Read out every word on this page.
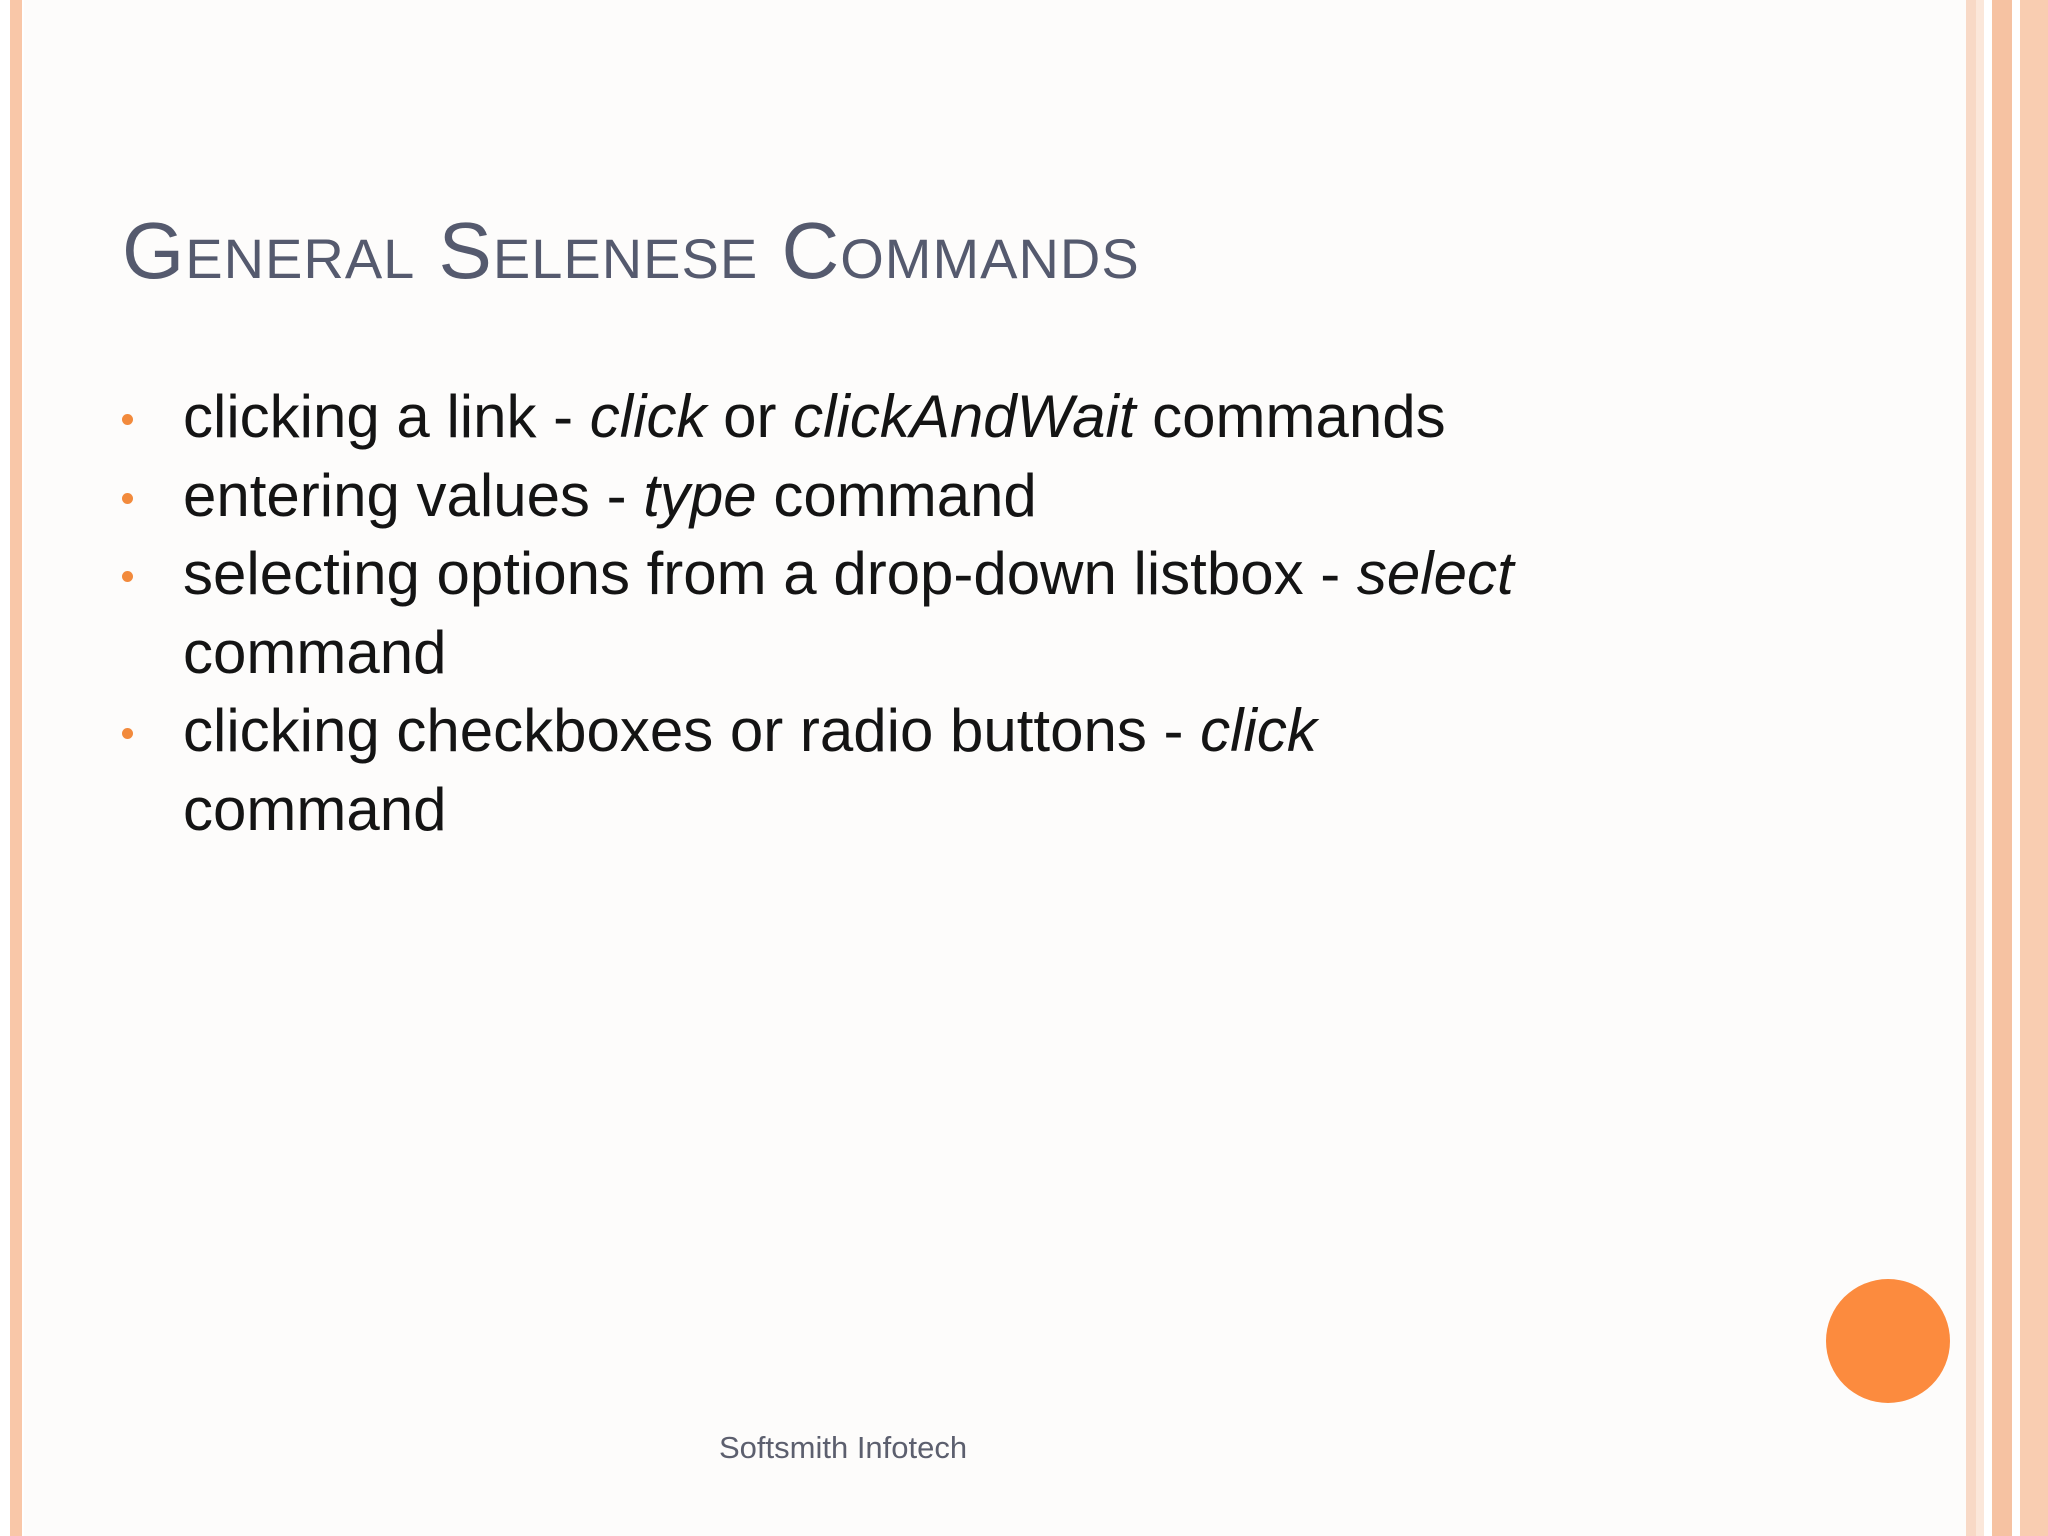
General Selenese Commands
clicking a link - click or clickAndWait commands
entering values - type command
selecting options from a drop-down listbox - select
command
clicking checkboxes or radio buttons - click
command
Softsmith Infotech
